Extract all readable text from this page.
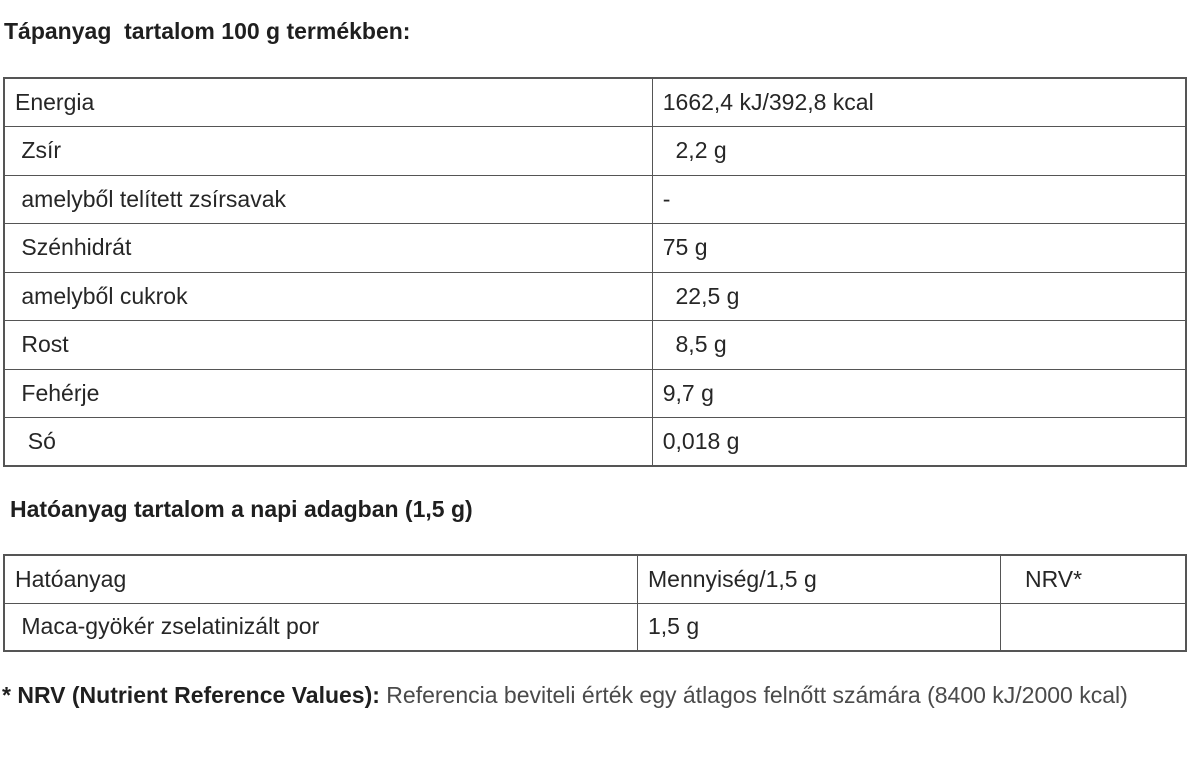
Tápanyag  tartalom 100 g termékben:
Energia	1662,4 kJ/392,8 kcal
Zsír	2,2 g
amelyből telített zsírsavak	-
Szénhidrát	75 g
amelyből cukrok	22,5 g
Rost	8,5 g
Fehérje	9,7 g
Só	0,018 g
Hatóanyag tartalom a napi adagban (1,5 g)
Hatóanyag	Mennyiség/1,5 g	NRV*
Maca-gyökér zselatinizált por	1,5 g	
* NRV (Nutrient Reference Values): Referencia beviteli érték egy átlagos felnőtt számára (8400 kJ/2000 kcal)
